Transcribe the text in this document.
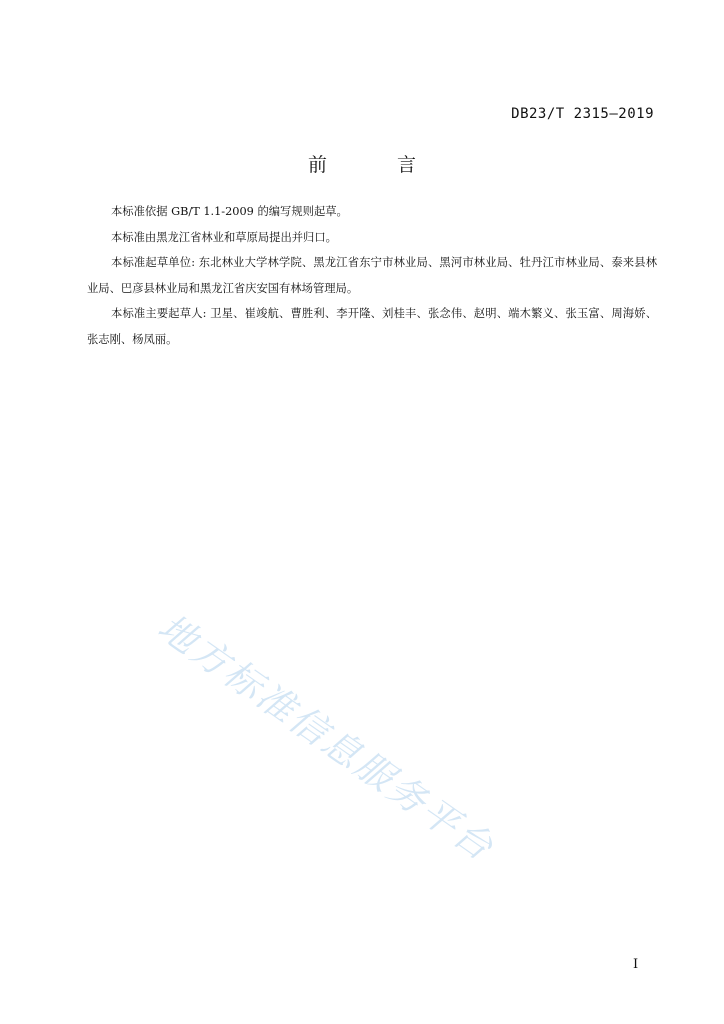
DB23/T 2315—2019
前 言

本标准依据 GB/T 1.1-2009 的编写规则起草。

本标准由黑龙江省林业和草原局提出并归口。

本标准起草单位: 东北林业大学林学院、黑龙江省东宁市林业局、黑河市林业局、牡丹江市林业局、泰来县林业局、巴彦县林业局和黑龙江省庆安国有林场管理局。

本标准主要起草人: 卫星、崔竣航、曹胜利、李开隆、刘桂丰、张念伟、赵明、端木繁义、张玉富、周海娇、张志刚、杨凤丽。

地方标准信息服务平台
I
